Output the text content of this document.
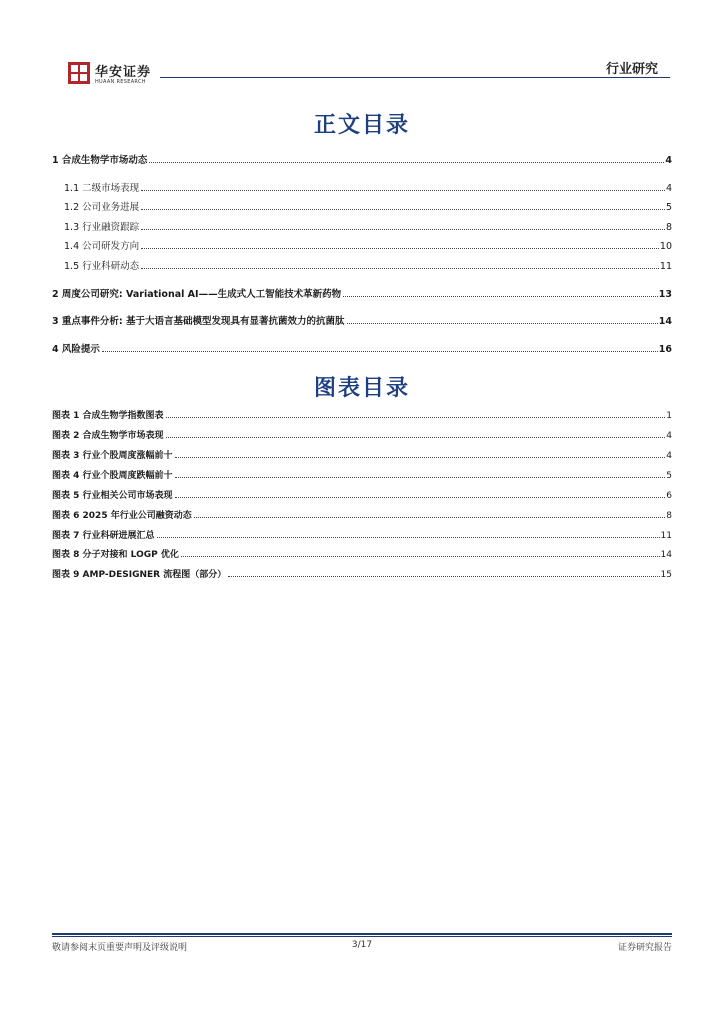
华安证券
HUAAN RESEARCH
行业研究
正文目录
1 合成生物学市场动态	4
1.1 二级市场表现	4
1.2 公司业务进展	5
1.3 行业融资跟踪	8
1.4 公司研发方向	10
1.5 行业科研动态	11
2 周度公司研究: Variational AI——生成式人工智能技术革新药物	13
3 重点事件分析: 基于大语言基础模型发现具有显著抗菌效力的抗菌肽	14
4 风险提示	16
图表目录
图表 1 合成生物学指数图表	1
图表 2 合成生物学市场表现	4
图表 3 行业个股周度涨幅前十	4
图表 4 行业个股周度跌幅前十	5
图表 5 行业相关公司市场表现	6
图表 6 2025 年行业公司融资动态	8
图表 7 行业科研进展汇总	11
图表 8 分子对接和 LOGP 优化	14
图表 9 AMP-DESIGNER 流程图（部分）	15
敬请参阅末页重要声明及评级说明	3/17	证券研究报告
